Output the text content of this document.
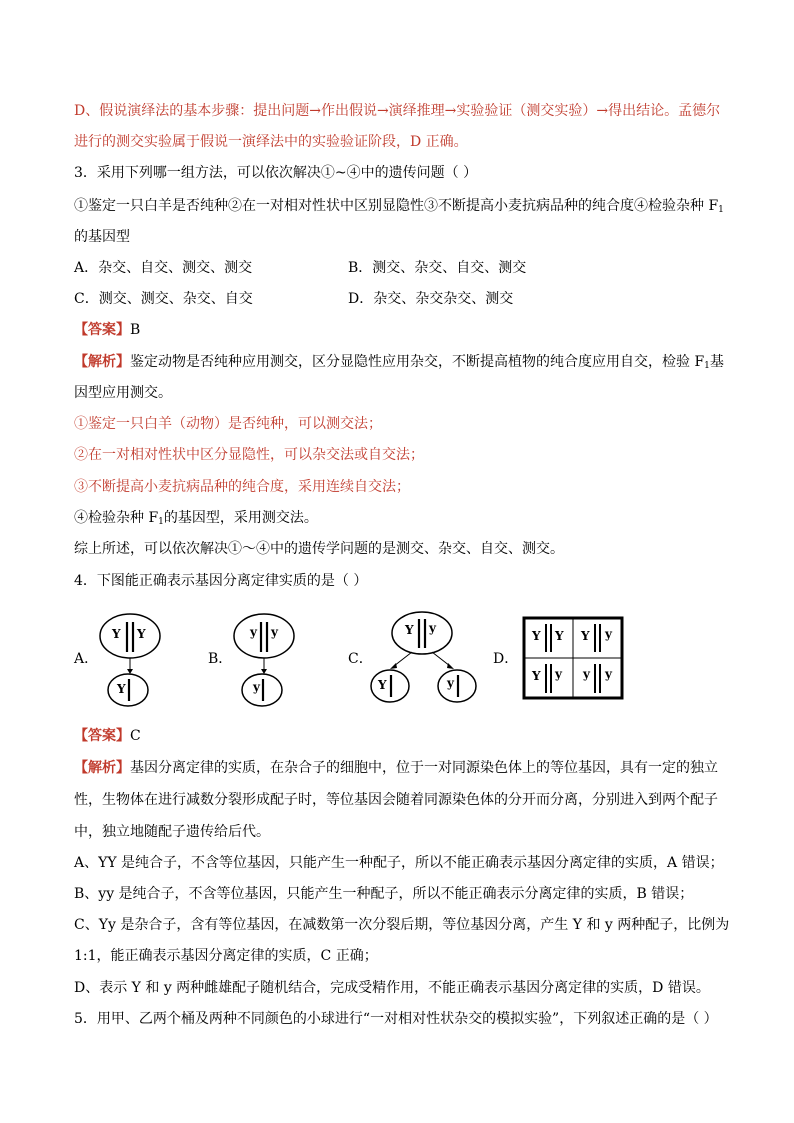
D、假说演绎法的基本步骤：提出问题→作出假说→演绎推理→实验验证（测交实验）→得出结论。孟德尔
进行的测交实验属于假说一演绎法中的实验验证阶段，D 正确。
3．采用下列哪一组方法，可以依次解决①~④中的遗传问题（ ）
①鉴定一只白羊是否纯种②在一对相对性状中区别显隐性③不断提高小麦抗病品种的纯合度④检验杂种 $F_1$
的基因型
A．杂交、自交、测交、测交	B．测交、杂交、自交、测交
C．测交、测交、杂交、自交	D．杂交、杂交杂交、测交
【答案】B
【解析】鉴定动物是否纯种应用测交，区分显隐性应用杂交，不断提高植物的纯合度应用自交，检验 $F_1$基
因型应用测交。
①鉴定一只白羊（动物）是否纯种，可以测交法；
②在一对相对性状中区分显隐性，可以杂交法或自交法；
③不断提高小麦抗病品种的纯合度，采用连续自交法；
④检验杂种 $F_1$的基因型，采用测交法。
综上所述，可以依次解决①～④中的遗传学问题的是测交、杂交、自交、测交。
4．下图能正确表示基因分离定律实质的是（ ）
A．
Y Y
Y
B．
y y
y
C．
Y y
Y	y
D．
Y Y Y y
Y y y y
【答案】C
【解析】基因分离定律的实质，在杂合子的细胞中，位于一对同源染色体上的等位基因，具有一定的独立
性，生物体在进行减数分裂形成配子时，等位基因会随着同源染色体的分开而分离，分别进入到两个配子
中，独立地随配子遗传给后代。
A、YY 是纯合子，不含等位基因，只能产生一种配子，所以不能正确表示基因分离定律的实质，A 错误；
B、yy 是纯合子，不含等位基因，只能产生一种配子，所以不能正确表示分离定律的实质，B 错误；
C、Yy 是杂合子，含有等位基因，在减数第一次分裂后期，等位基因分离，产生 Y 和 y 两种配子，比例为
1:1，能正确表示基因分离定律的实质，C 正确；
D、表示 Y 和 y 两种雌雄配子随机结合，完成受精作用，不能正确表示基因分离定律的实质，D 错误。
5．用甲、乙两个桶及两种不同颜色的小球进行“一对相对性状杂交的模拟实验”，下列叙述正确的是（ ）
